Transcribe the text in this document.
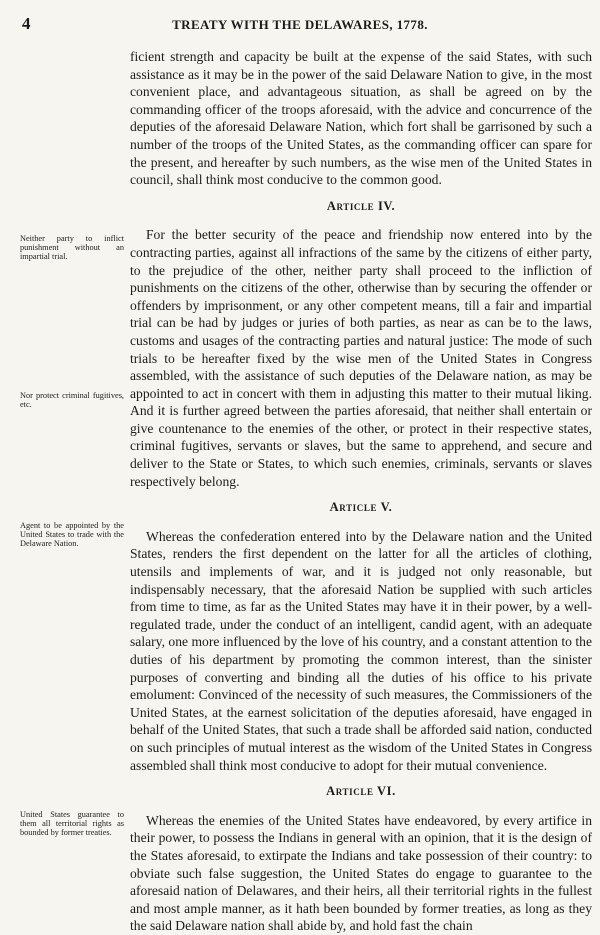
4	TREATY WITH THE DELAWARES, 1778.

ficient strength and capacity be built at the expense of the said States, with such assistance as it may be in the power of the said Delaware Nation to give, in the most convenient place, and advantageous situation, as shall be agreed on by the commanding officer of the troops aforesaid, with the advice and concurrence of the deputies of the aforesaid Delaware Nation, which fort shall be garrisoned by such a number of the troops of the United States, as the commanding officer can spare for the present, and hereafter by such numbers, as the wise men of the United States in council, shall think most conducive to the common good.

Article IV.

For the better security of the peace and friendship now entered into by the contracting parties, against all infractions of the same by the citizens of either party, to the prejudice of the other, neither party shall proceed to the infliction of punishments on the citizens of the other, otherwise than by securing the offender or offenders by imprisonment, or any other competent means, till a fair and impartial trial can be had by judges or juries of both parties, as near as can be to the laws, customs and usages of the contracting parties and natural justice: The mode of such trials to be hereafter fixed by the wise men of the United States in Congress assembled, with the assistance of such deputies of the Delaware nation, as may be appointed to act in concert with them in adjusting this matter to their mutual liking. And it is further agreed between the parties aforesaid, that neither shall entertain or give countenance to the enemies of the other, or protect in their respective states, criminal fugitives, servants or slaves, but the same to apprehend, and secure and deliver to the State or States, to which such enemies, criminals, servants or slaves respectively belong.

Article V.

Whereas the confederation entered into by the Delaware nation and the United States, renders the first dependent on the latter for all the articles of clothing, utensils and implements of war, and it is judged not only reasonable, but indispensably necessary, that the aforesaid Nation be supplied with such articles from time to time, as far as the United States may have it in their power, by a well-regulated trade, under the conduct of an intelligent, candid agent, with an adequate salary, one more influenced by the love of his country, and a constant attention to the duties of his department by promoting the common interest, than the sinister purposes of converting and binding all the duties of his office to his private emolument: Convinced of the necessity of such measures, the Commissioners of the United States, at the earnest solicitation of the deputies aforesaid, have engaged in behalf of the United States, that such a trade shall be afforded said nation, conducted on such principles of mutual interest as the wisdom of the United States in Congress assembled shall think most conducive to adopt for their mutual convenience.

Article VI.

Whereas the enemies of the United States have endeavored, by every artifice in their power, to possess the Indians in general with an opinion, that it is the design of the States aforesaid, to extirpate the Indians and take possession of their country: to obviate such false suggestion, the United States do engage to guarantee to the aforesaid nation of Delawares, and their heirs, all their territorial rights in the fullest and most ample manner, as it hath been bounded by former treaties, as long as they the said Delaware nation shall abide by, and hold fast the chain

Neither party to inflict punishment without an impartial trial.
Nor protect criminal fugitives, etc.
Agent to be appointed by the United States to trade with the Delaware Nation.
United States guarantee to them all territorial rights as bounded by former treaties.
